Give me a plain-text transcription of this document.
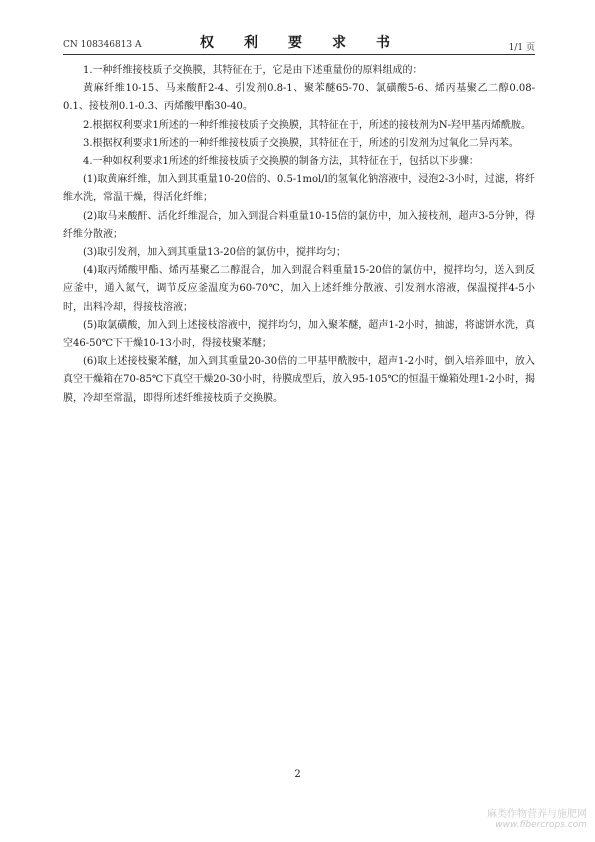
CN 108346813 A	权　利　要　求　书	1/1 页

1.一种纤维接枝质子交换膜，其特征在于，它是由下述重量份的原料组成的：

黄麻纤维10-15、马来酸酐2-4、引发剂0.8-1、聚苯醚65-70、氯磺酸5-6、烯丙基聚乙二醇0.08-0.1、接枝剂0.1-0.3、丙烯酸甲酯30-40。

2.根据权利要求1所述的一种纤维接枝质子交换膜，其特征在于，所述的接枝剂为N-羟甲基丙烯酰胺。

3.根据权利要求1所述的一种纤维接枝质子交换膜，其特征在于，所述的引发剂为过氧化二异丙苯。

4.一种如权利要求1所述的纤维接枝质子交换膜的制备方法，其特征在于，包括以下步骤：

(1)取黄麻纤维，加入到其重量10-20倍的、0.5-1mol/l的氢氧化钠溶液中，浸泡2-3小时，过滤，将纤维水洗，常温干燥，得活化纤维；

(2)取马来酸酐、活化纤维混合，加入到混合料重量10-15倍的氯仿中，加入接枝剂，超声3-5分钟，得纤维分散液；

(3)取引发剂，加入到其重量13-20倍的氯仿中，搅拌均匀；

(4)取丙烯酸甲酯、烯丙基聚乙二醇混合，加入到混合料重量15-20倍的氯仿中，搅拌均匀，送入到反应釜中，通入氮气，调节反应釜温度为60-70℃，加入上述纤维分散液、引发剂水溶液，保温搅拌4-5小时，出料冷却，得接枝溶液；

(5)取氯磺酸，加入到上述接枝溶液中，搅拌均匀，加入聚苯醚，超声1-2小时，抽滤，将滤饼水洗，真空46-50℃下干燥10-13小时，得接枝聚苯醚；

(6)取上述接枝聚苯醚，加入到其重量20-30倍的二甲基甲酰胺中，超声1-2小时，倒入培养皿中，放入真空干燥箱在70-85℃下真空干燥20-30小时，待膜成型后，放入95-105℃的恒温干燥箱处理1-2小时，揭膜，冷却至常温，即得所述纤维接枝质子交换膜。

2
麻类作物营养与施肥网
www.fibercrops.com
